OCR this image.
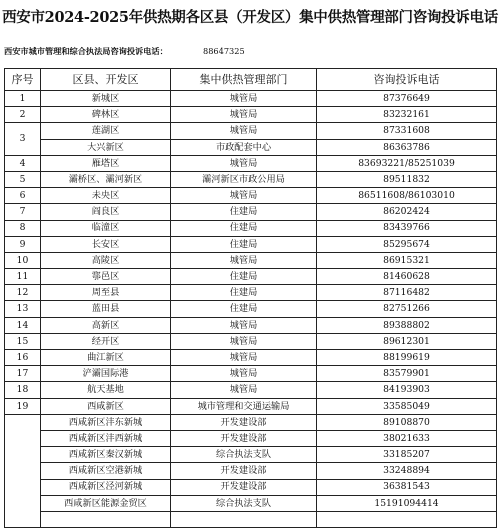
西安市2024-2025年供热期各区县（开发区）集中供热管理部门咨询投诉电话
西安市城市管理和综合执法局咨询投诉电话：	88647325
序号	区县、开发区	集中供热管理部门	咨询投诉电话
1	新城区	城管局	87376649
2	碑林区	城管局	83232161
3	莲湖区	城管局	87331608
	大兴新区	市政配套中心	86363786
4	雁塔区	城管局	83693221/85251039
5	灞桥区、灞河新区	灞河新区市政公用局	89511832
6	未央区	城管局	86511608/86103010
7	阎良区	住建局	86202424
8	临潼区	住建局	83439766
9	长安区	住建局	85295674
10	高陵区	城管局	86915321
11	鄠邑区	住建局	81460628
12	周至县	住建局	87116482
13	蓝田县	住建局	82751266
14	高新区	城管局	89388802
15	经开区	城管局	89612301
16	曲江新区	城管局	88199619
17	浐灞国际港	城管局	83579901
18	航天基地	城管局	84193903
19	西咸新区	城市管理和交通运输局	33585049
	西咸新区沣东新城	开发建设部	89108870
	西咸新区沣西新城	开发建设部	38021633
	西咸新区秦汉新城	综合执法支队	33185207
	西咸新区空港新城	开发建设部	33248894
	西咸新区泾河新城	开发建设部	36381543
	西咸新区能源金贸区	综合执法支队	15191094414
